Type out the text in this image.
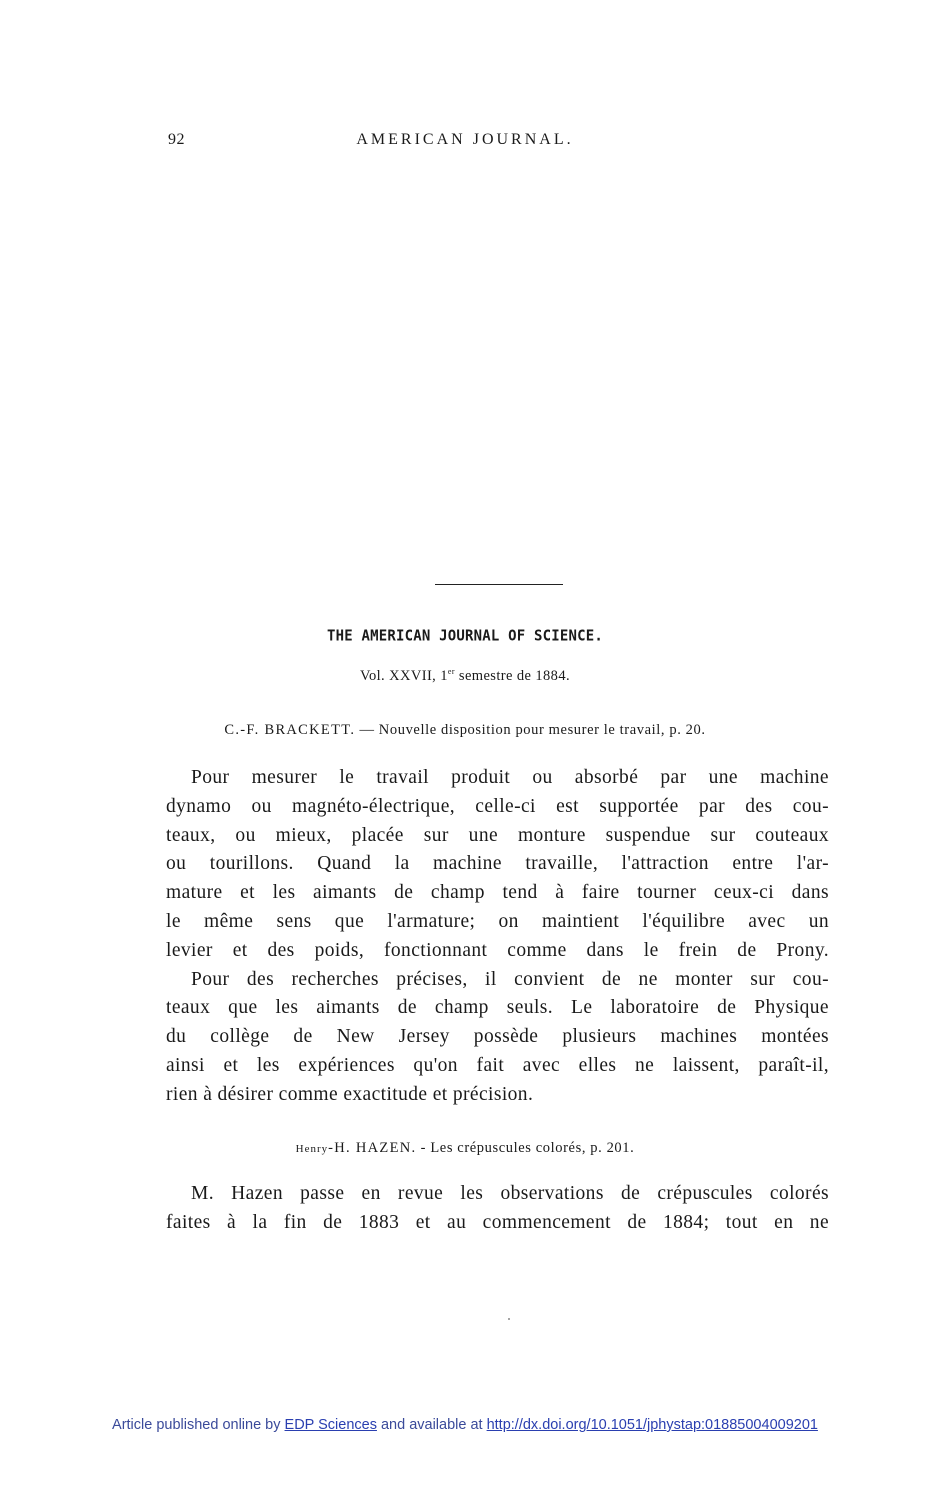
92	AMERICAN JOURNAL.
THE AMERICAN JOURNAL OF SCIENCE.
Vol. XXVII, 1er semestre de 1884.
C.-F. BRACKETT. — Nouvelle disposition pour mesurer le travail, p. 20.
Pour mesurer le travail produit ou absorbé par une machine
dynamo ou magnéto-électrique, celle-ci est supportée par des cou-
teaux, ou mieux, placée sur une monture suspendue sur couteaux
ou tourillons. Quand la machine travaille, l'attraction entre l'ar-
mature et les aimants de champ tend à faire tourner ceux-ci dans
le même sens que l'armature; on maintient l'équilibre avec un
levier et des poids, fonctionnant comme dans le frein de Prony.
Pour des recherches précises, il convient de ne monter sur cou-
teaux que les aimants de champ seuls. Le laboratoire de Physique
du collège de New Jersey possède plusieurs machines montées
ainsi et les expériences qu'on fait avec elles ne laissent, paraît-il,
rien à désirer comme exactitude et précision.
Henry-H. HAZEN. - Les crépuscules colorés, p. 201.
M. Hazen passe en revue les observations de crépuscules colorés
faites à la fin de 1883 et au commencement de 1884; tout en ne
Article published online by EDP Sciences and available at http://dx.doi.org/10.1051/jphystap:01885004009201
